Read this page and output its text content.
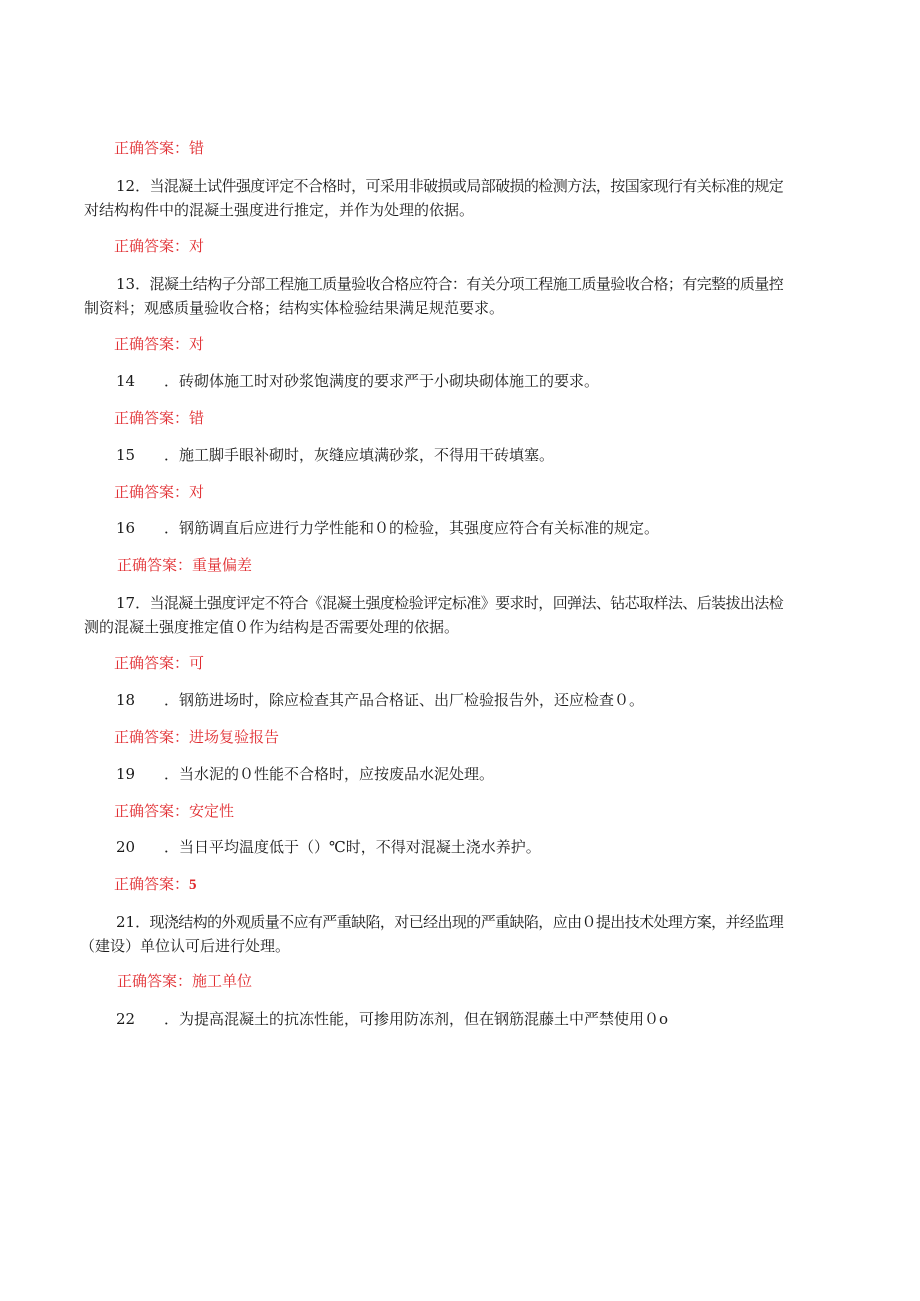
正确答案：错
12．当混凝土试件强度评定不合格时，可采用非破损或局部破损的检测方法，按国家现行有关标准的规定
对结构构件中的混凝土强度进行推定，并作为处理的依据。
正确答案：对
13．混凝土结构子分部工程施工质量验收合格应符合：有关分项工程施工质量验收合格；有完整的质量控
制资料；观感质量验收合格；结构实体检验结果满足规范要求。
正确答案：对
14 ．砖砌体施工时对砂浆饱满度的要求严于小砌块砌体施工的要求。
正确答案：错
15 ．施工脚手眼补砌时，灰缝应填满砂浆，不得用干砖填塞。
正确答案：对
16 ．钢筋调直后应进行力学性能和０的检验，其强度应符合有关标准的规定。
正确答案：重量偏差
17．当混凝土强度评定不符合《混凝土强度检验评定标准》要求时，回弹法、钻芯取样法、后装拔出法检
测的混凝土强度推定值０作为结构是否需要处理的依据。
正确答案：可
18 ．钢筋进场时，除应检查其产品合格证、出厂检验报告外，还应检查０。
正确答案：进场复验报告
19 ．当水泥的０性能不合格时，应按废品水泥处理。
正确答案：安定性
20 ．当日平均温度低于（）℃时，不得对混凝土浇水养护。
正确答案：5
21．现浇结构的外观质量不应有严重缺陷，对已经出现的严重缺陷，应由０提出技术处理方案，并经监理
（建设）单位认可后进行处理。
正确答案：施工单位
22 ．为提高混凝土的抗冻性能，可掺用防冻剂，但在钢筋混藤土中严禁使用０o
